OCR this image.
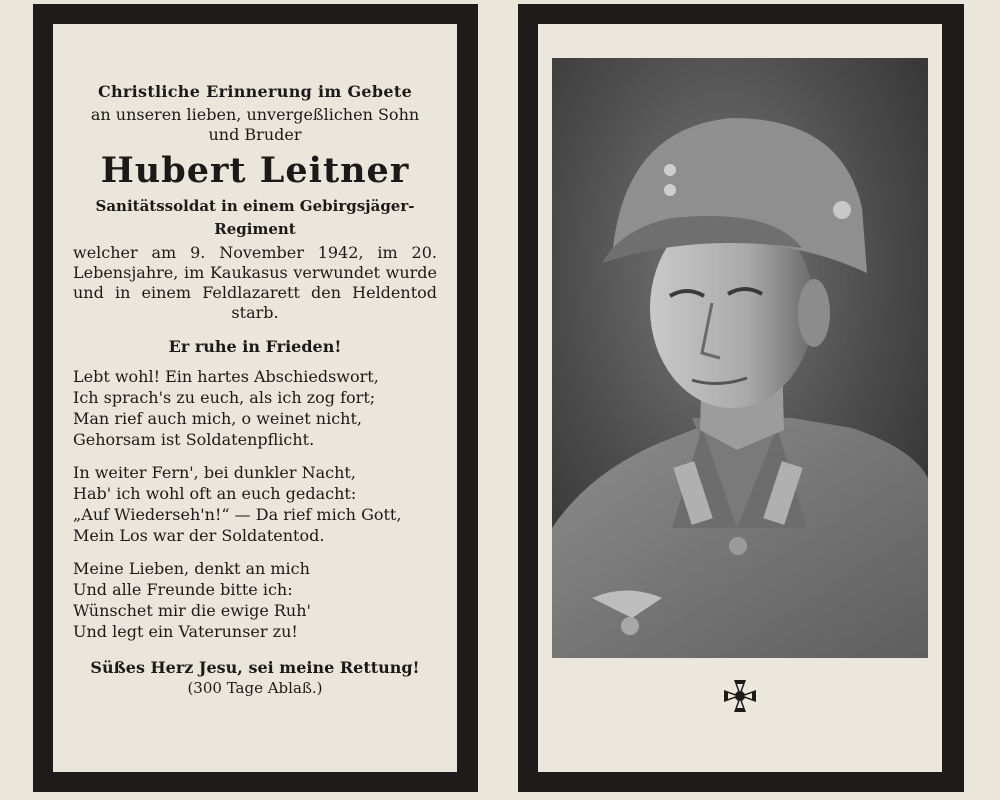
Christliche Erinnerung im Gebete

an unseren lieben, unvergeßlichen Sohn

und Bruder

Hubert Leitner

Sanitätssoldat in einem Gebirgsjäger-

Regiment

welcher am 9. November 1942, im 20. Lebensjahre, im Kaukasus verwundet wurde und in einem Feldlazarett den Heldentod starb.

Er ruhe in Frieden!
Lebt wohl! Ein hartes Abschiedswort,
Ich sprach's zu euch, als ich zog fort;
Man rief auch mich, o weinet nicht,
Gehorsam ist Soldatenpflicht.
In weiter Fern', bei dunkler Nacht,
Hab' ich wohl oft an euch gedacht:
„Auf Wiederseh'n!“ — Da rief mich Gott,
Mein Los war der Soldatentod.
Meine Lieben, denkt an mich
Und alle Freunde bitte ich:
Wünschet mir die ewige Ruh'
Und legt ein Vaterunser zu!
Süßes Herz Jesu, sei meine Rettung!

(300 Tage Ablaß.)
